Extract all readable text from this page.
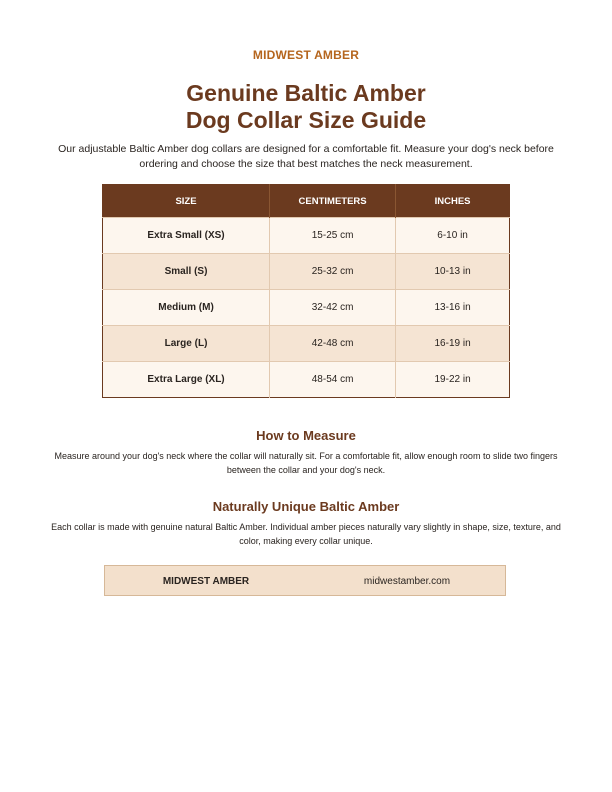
MIDWEST AMBER
Genuine Baltic Amber
Dog Collar Size Guide
Our adjustable Baltic Amber dog collars are designed for a comfortable fit. Measure your dog's neck before ordering and choose the size that best matches the neck measurement.
SIZE	CENTIMETERS	INCHES
Extra Small (XS)	15-25 cm	6-10 in
Small (S)	25-32 cm	10-13 in
Medium (M)	32-42 cm	13-16 in
Large (L)	42-48 cm	16-19 in
Extra Large (XL)	48-54 cm	19-22 in
How to Measure
Measure around your dog's neck where the collar will naturally sit. For a comfortable fit, allow enough room to slide two fingers between the collar and your dog's neck.
Naturally Unique Baltic Amber
Each collar is made with genuine natural Baltic Amber. Individual amber pieces naturally vary slightly in shape, size, texture, and color, making every collar unique.
MIDWEST AMBER	midwestamber.com
